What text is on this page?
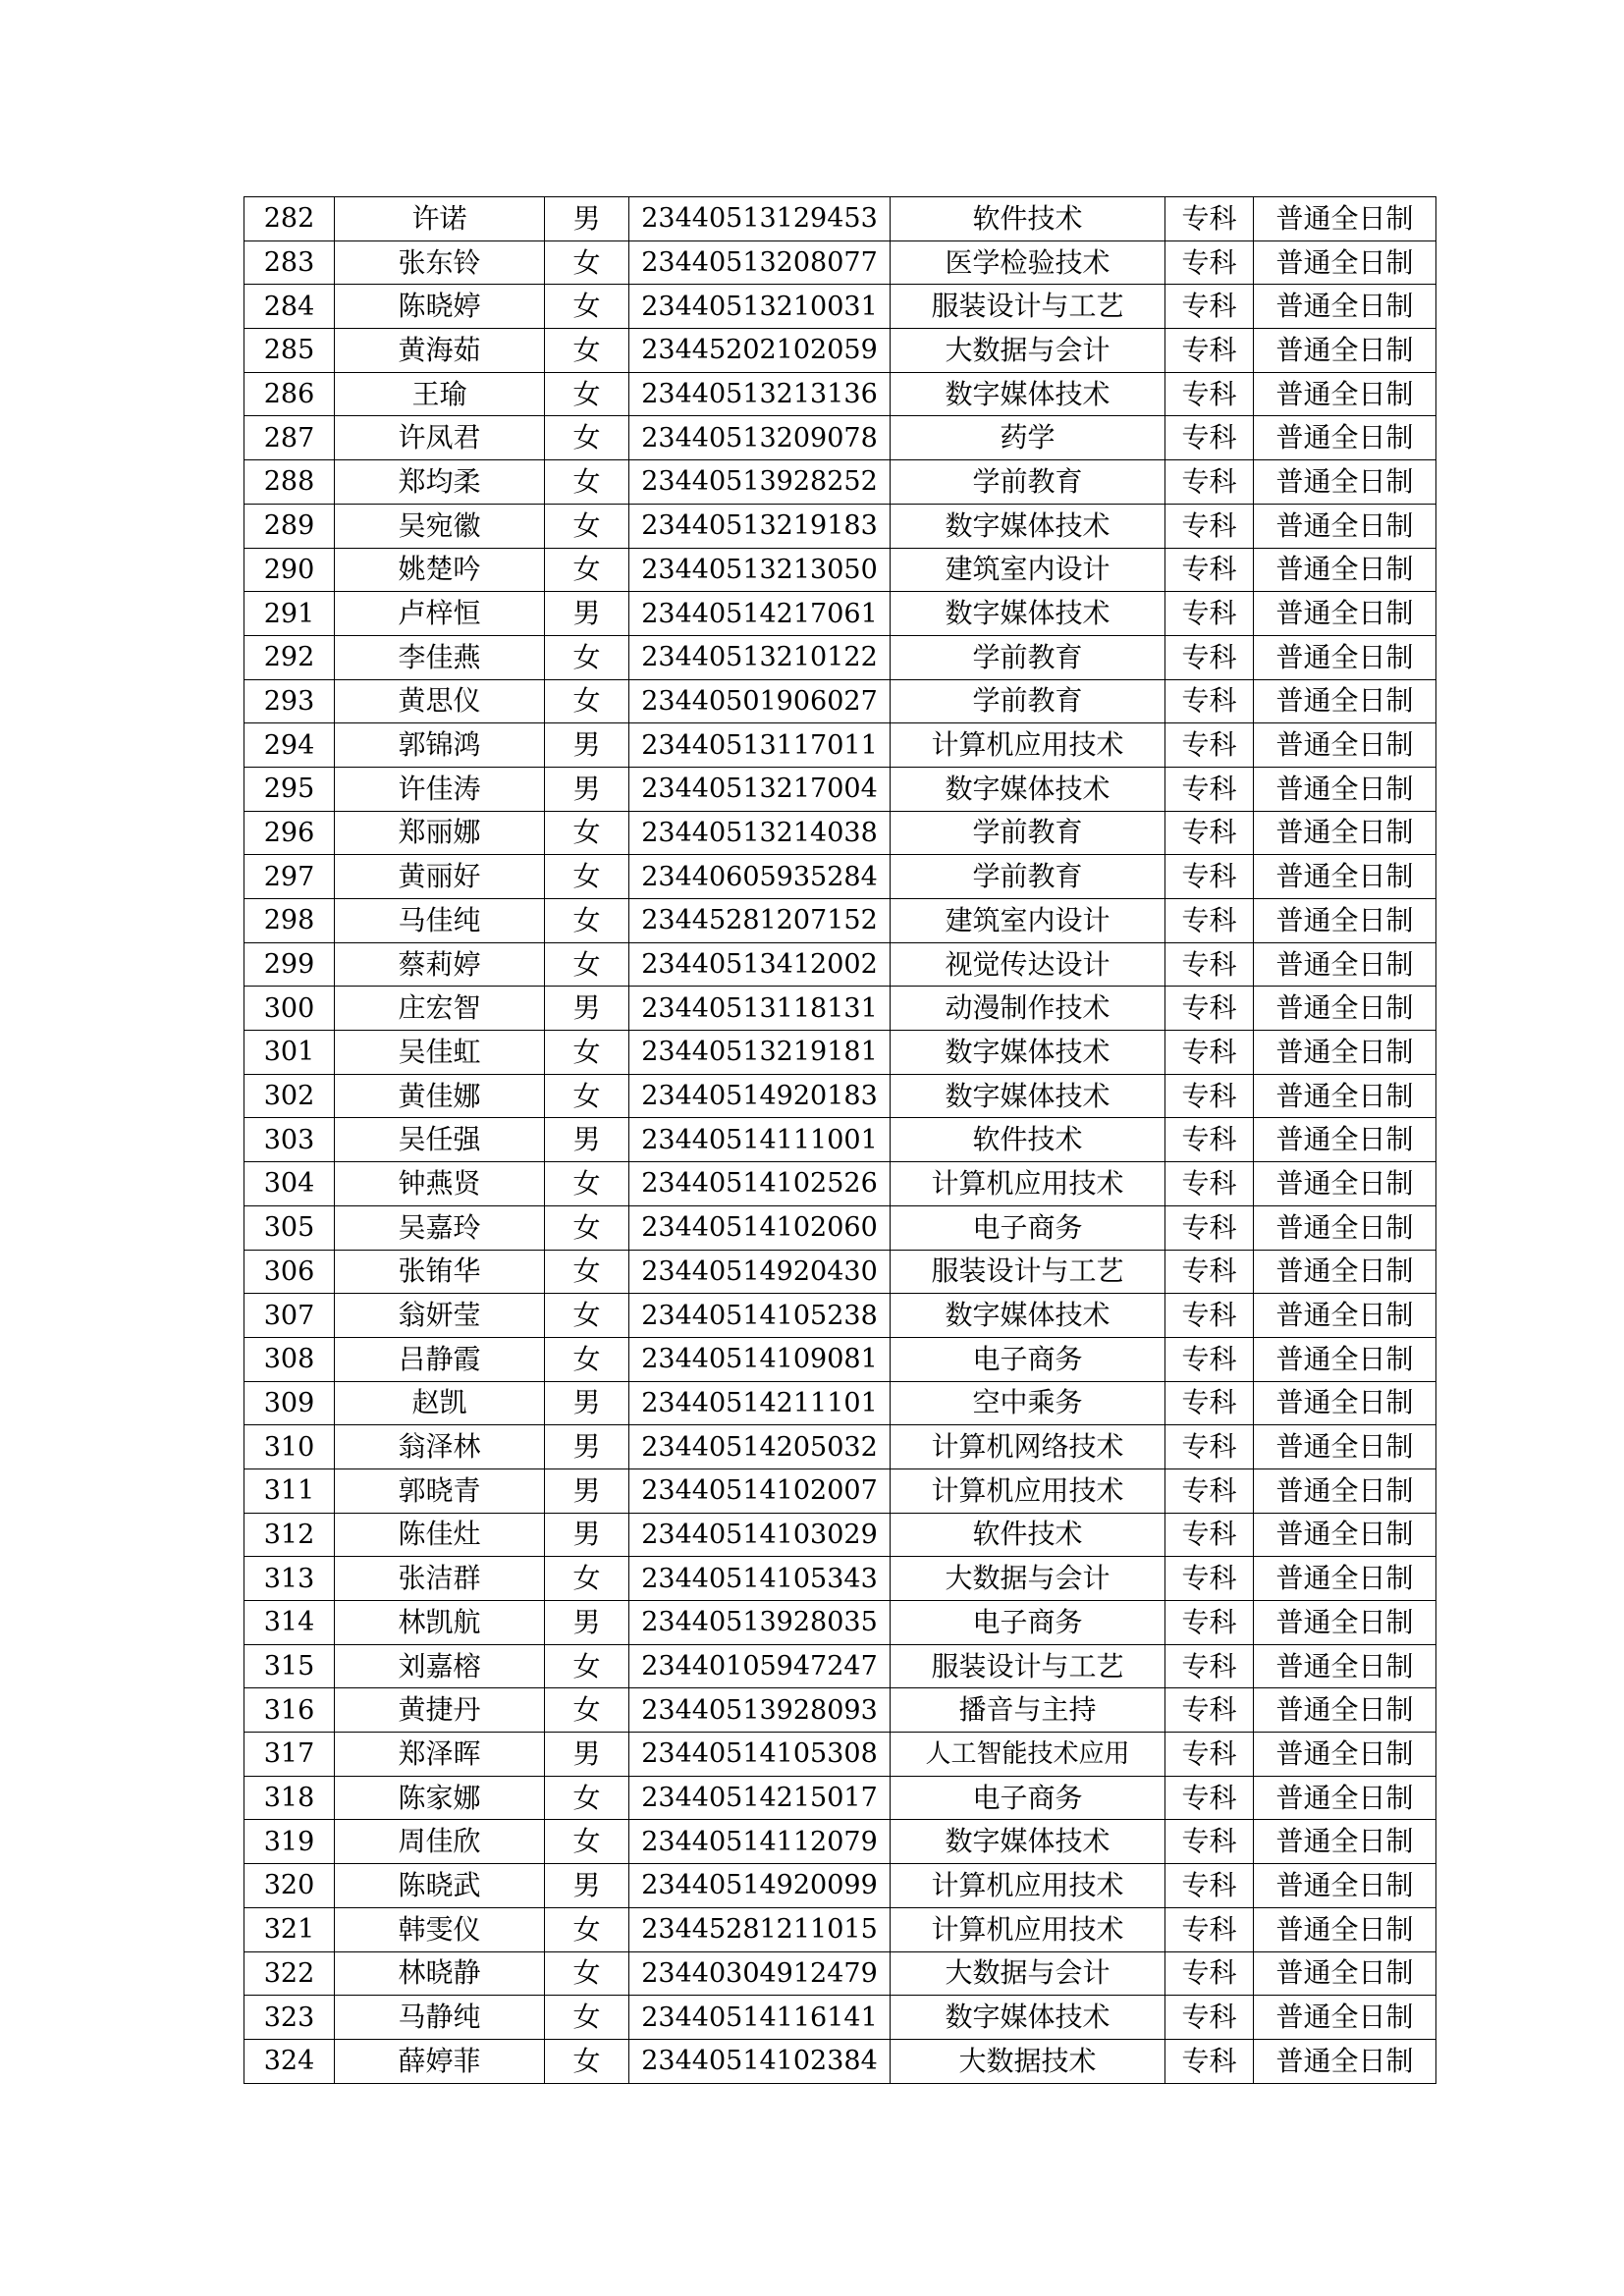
282	许诺	男	23440513129453	软件技术	专科	普通全日制
283	张东铃	女	23440513208077	医学检验技术	专科	普通全日制
284	陈晓婷	女	23440513210031	服装设计与工艺	专科	普通全日制
285	黄海茹	女	23445202102059	大数据与会计	专科	普通全日制
286	王瑜	女	23440513213136	数字媒体技术	专科	普通全日制
287	许凤君	女	23440513209078	药学	专科	普通全日制
288	郑均柔	女	23440513928252	学前教育	专科	普通全日制
289	吴宛徽	女	23440513219183	数字媒体技术	专科	普通全日制
290	姚楚吟	女	23440513213050	建筑室内设计	专科	普通全日制
291	卢梓恒	男	23440514217061	数字媒体技术	专科	普通全日制
292	李佳燕	女	23440513210122	学前教育	专科	普通全日制
293	黄思仪	女	23440501906027	学前教育	专科	普通全日制
294	郭锦鸿	男	23440513117011	计算机应用技术	专科	普通全日制
295	许佳涛	男	23440513217004	数字媒体技术	专科	普通全日制
296	郑丽娜	女	23440513214038	学前教育	专科	普通全日制
297	黄丽好	女	23440605935284	学前教育	专科	普通全日制
298	马佳纯	女	23445281207152	建筑室内设计	专科	普通全日制
299	蔡莉婷	女	23440513412002	视觉传达设计	专科	普通全日制
300	庄宏智	男	23440513118131	动漫制作技术	专科	普通全日制
301	吴佳虹	女	23440513219181	数字媒体技术	专科	普通全日制
302	黄佳娜	女	23440514920183	数字媒体技术	专科	普通全日制
303	吴任强	男	23440514111001	软件技术	专科	普通全日制
304	钟燕贤	女	23440514102526	计算机应用技术	专科	普通全日制
305	吴嘉玲	女	23440514102060	电子商务	专科	普通全日制
306	张铕华	女	23440514920430	服装设计与工艺	专科	普通全日制
307	翁妍莹	女	23440514105238	数字媒体技术	专科	普通全日制
308	吕静霞	女	23440514109081	电子商务	专科	普通全日制
309	赵凯	男	23440514211101	空中乘务	专科	普通全日制
310	翁泽林	男	23440514205032	计算机网络技术	专科	普通全日制
311	郭晓青	男	23440514102007	计算机应用技术	专科	普通全日制
312	陈佳灶	男	23440514103029	软件技术	专科	普通全日制
313	张洁群	女	23440514105343	大数据与会计	专科	普通全日制
314	林凯航	男	23440513928035	电子商务	专科	普通全日制
315	刘嘉榕	女	23440105947247	服装设计与工艺	专科	普通全日制
316	黄捷丹	女	23440513928093	播音与主持	专科	普通全日制
317	郑泽晖	男	23440514105308	人工智能技术应用	专科	普通全日制
318	陈家娜	女	23440514215017	电子商务	专科	普通全日制
319	周佳欣	女	23440514112079	数字媒体技术	专科	普通全日制
320	陈晓武	男	23440514920099	计算机应用技术	专科	普通全日制
321	韩雯仪	女	23445281211015	计算机应用技术	专科	普通全日制
322	林晓静	女	23440304912479	大数据与会计	专科	普通全日制
323	马静纯	女	23440514116141	数字媒体技术	专科	普通全日制
324	薛婷菲	女	23440514102384	大数据技术	专科	普通全日制
